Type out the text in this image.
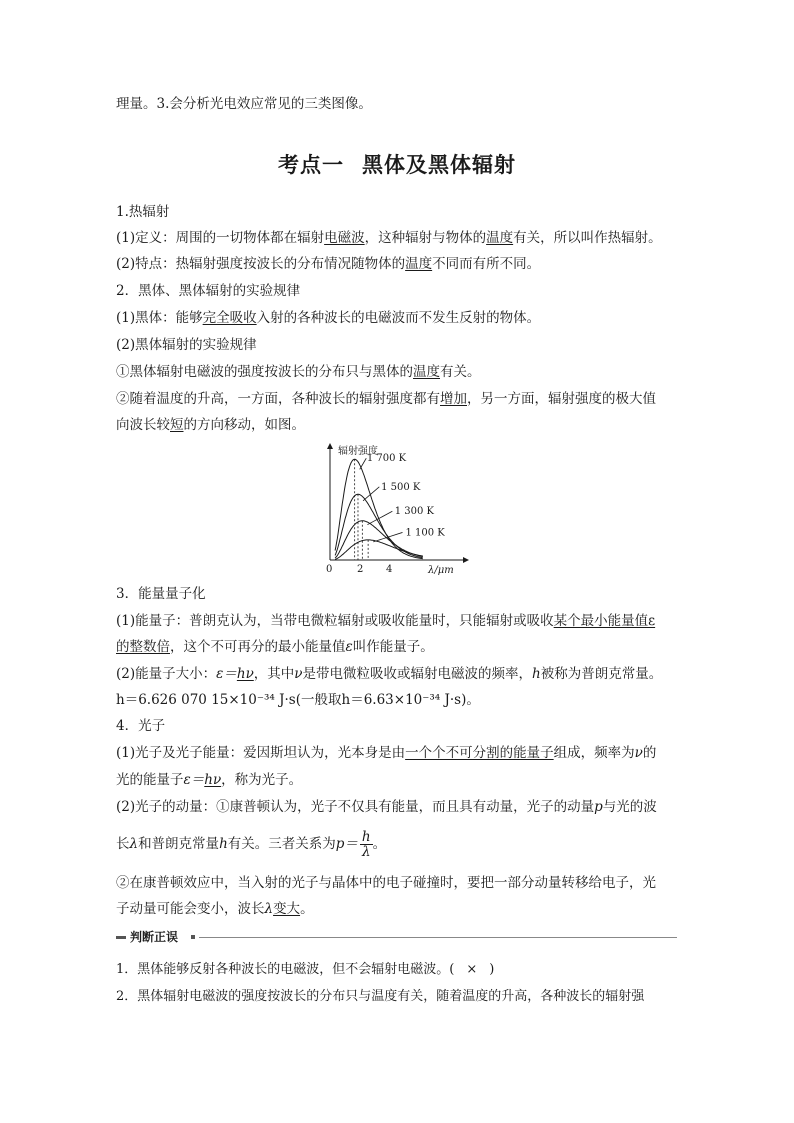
理量。3.会分析光电效应常见的三类图像。
考点一 黑体及黑体辐射
1.热辐射
(1)定义：周围的一切物体都在辐射电磁波，这种辐射与物体的温度有关，所以叫作热辐射。
(2)特点：热辐射强度按波长的分布情况随物体的温度不同而有所不同。
2．黑体、黑体辐射的实验规律
(1)黑体：能够完全吸收入射的各种波长的电磁波而不发生反射的物体。
(2)黑体辐射的实验规律
①黑体辐射电磁波的强度按波长的分布只与黑体的温度有关。
②随着温度的升高，一方面，各种波长的辐射强度都有增加，另一方面，辐射强度的极大值
向波长较短的方向移动，如图。
辐射强度
λ/μm
0 2 4
1 700 K
1 500 K
1 300 K
1 100 K
3．能量量子化
(1)能量子：普朗克认为，当带电微粒辐射或吸收能量时，只能辐射或吸收某个最小能量值ε
的整数倍，这个不可再分的最小能量值ε叫作能量子。
(2)能量子大小：ε＝hν，其中ν是带电微粒吸收或辐射电磁波的频率，h被称为普朗克常量。
h＝6.626 070 15×10⁻³⁴ J·s(一般取h＝6.63×10⁻³⁴ J·s)。
4．光子
(1)光子及光子能量：爱因斯坦认为，光本身是由一个个不可分割的能量子组成，频率为ν的
光的能量子ε＝hν，称为光子。
(2)光子的动量：①康普顿认为，光子不仅具有能量，而且具有动量，光子的动量p与光的波
长λ和普朗克常量h有关。三者关系为$p= \frac{h}{\lambda}$ 。
②在康普顿效应中，当入射的光子与晶体中的电子碰撞时，要把一部分动量转移给电子，光
子动量可能会变小，波长λ变大。
判断正误
1．黑体能够反射各种波长的电磁波，但不会辐射电磁波。( × )
2．黑体辐射电磁波的强度按波长的分布只与温度有关，随着温度的升高，各种波长的辐射强
